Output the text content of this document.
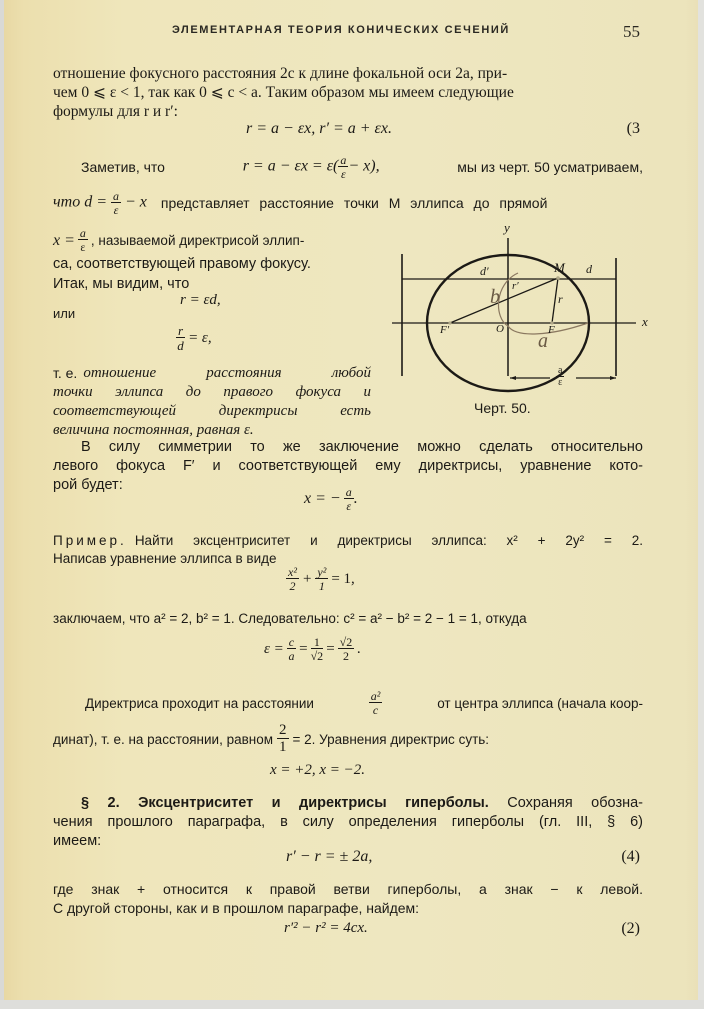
ЭЛЕМЕНТАРНАЯ ТЕОРИЯ КОНИЧЕСКИХ СЕЧЕНИЙ	55
отношение фокусного расстояния 2c к длине фокальной оси 2a, при-
чем 0 ⩽ ε < 1, так как 0 ⩽ c < a. Таким образом мы имеем следующие
формулы для r и r′:
r = a − εx, r′ = a + εx.	(3
Заметив, что	$r = a - \varepsilon x = \varepsilon( \frac{a}{\varepsilon} - x)$,	мы из черт. 50 усматриваем,
что $d = \frac{a}{\varepsilon} - x$ представляет расстояние точки M эллипса до прямой
$x = \frac{a}{\varepsilon}$ , называемой директрисой эллип-
са, соответствующей правому фокусу.
Итак, мы видим, что
r = εd,
или
$\frac{r}{d} = \varepsilon$,
т. е. отношение расстояния любой
точки эллипса до правого фокуса и
соответствующей директрисы есть
величина постоянная, равная ε.
y
x
M
d′	d
r′
r
b
a
F′	O	F
$\frac{a}{\varepsilon}$
Черт. 50.
В силу симметрии то же заключение можно сделать относительно
левого фокуса F′ и соответствующей ему директрисы, уравнение кото-
рой будет:
x = − $\frac{a}{\varepsilon}$ .
Пример. Найти эксцентриситет и директрисы эллипса: x² + 2y² = 2.
Написав уравнение эллипса в виде
$\frac{\text{x²}}{2} + \frac{\text{y²}}{1} = 1$,
заключаем, что a² = 2, b² = 1. Следовательно: c² = a² − b² = 2 − 1 = 1, откуда
$\varepsilon = \frac{c}{a} = \frac{1}{√2} = \frac{√2}{2}$ .
Директриса проходит на расстоянии	$\frac{\text{a²}}{c}$	от центра эллипса (начала коор-
динат), т. е. на расстоянии, равном $\frac{2}{1} = 2$. Уравнения директрис суть:
x = +2, x = −2.
§ 2. Эксцентриситет и директрисы гиперболы. Сохраняя обозна-
чения прошлого параграфа, в силу определения гиперболы (гл. III, § 6)
имеем:
r′ − r = ± 2a,	(4)
где знак + относится к правой ветви гиперболы, а знак − к левой.
С другой стороны, как и в прошлом параграфе, найдем:
r′² − r² = 4cx.	(2)
